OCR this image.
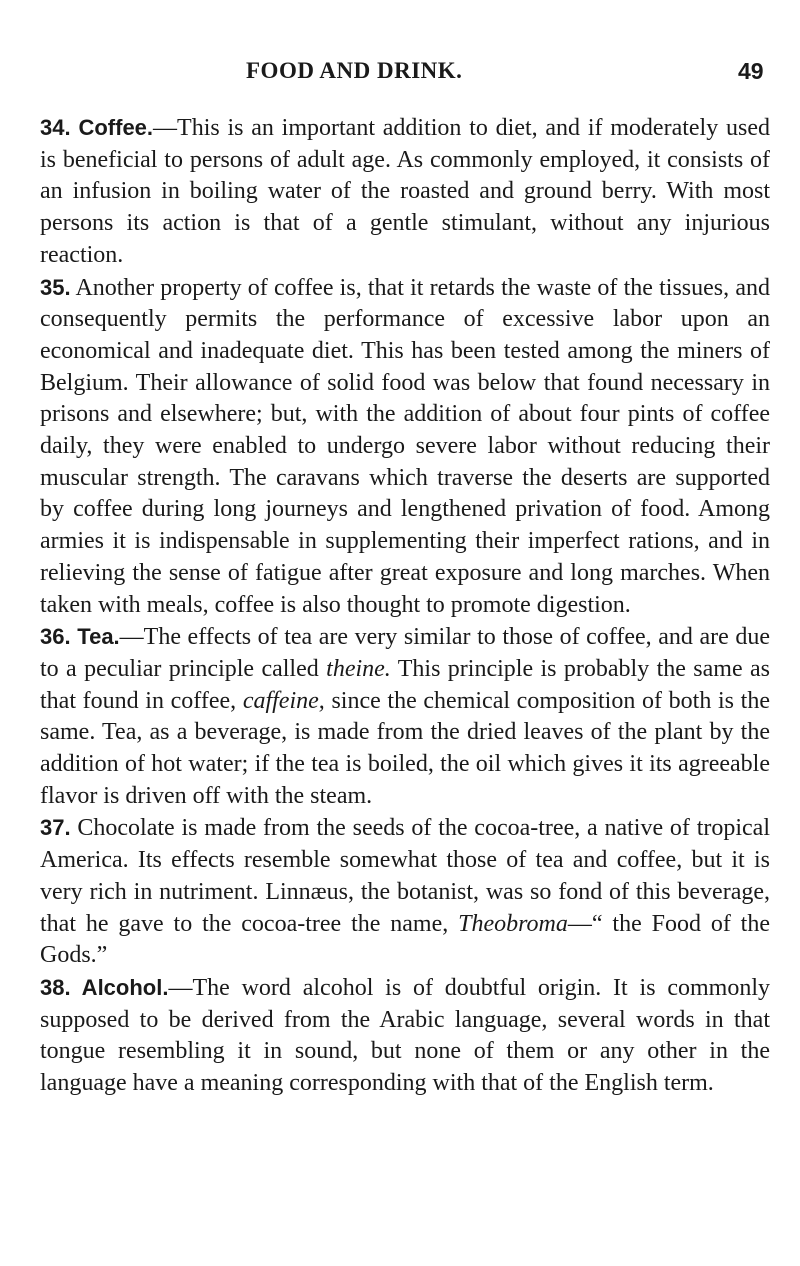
FOOD AND DRINK.	49

34. Coffee.—This is an important addition to diet, and if moderately used is beneficial to persons of adult age. As commonly employed, it consists of an infusion in boiling water of the roasted and ground berry. With most persons its action is that of a gentle stimulant, without any injurious reaction.

35. Another property of coffee is, that it retards the waste of the tissues, and consequently permits the performance of excessive labor upon an economical and inadequate diet. This has been tested among the miners of Belgium. Their allowance of solid food was below that found necessary in prisons and elsewhere; but, with the addition of about four pints of coffee daily, they were enabled to undergo severe labor without reducing their muscular strength. The caravans which traverse the deserts are supported by coffee during long journeys and lengthened privation of food. Among armies it is indispensable in supplementing their imperfect rations, and in relieving the sense of fatigue after great exposure and long marches. When taken with meals, coffee is also thought to promote digestion.

36. Tea.—The effects of tea are very similar to those of coffee, and are due to a peculiar principle called theine. This principle is probably the same as that found in coffee, caffeine, since the chemical composition of both is the same. Tea, as a beverage, is made from the dried leaves of the plant by the addition of hot water; if the tea is boiled, the oil which gives it its agreeable flavor is driven off with the steam.

37. Chocolate is made from the seeds of the cocoa-tree, a native of tropical America. Its effects resemble somewhat those of tea and coffee, but it is very rich in nutriment. Linnæus, the botanist, was so fond of this beverage, that he gave to the cocoa-tree the name, Theobroma—“ the Food of the Gods.”

38. Alcohol.—The word alcohol is of doubtful origin. It is commonly supposed to be derived from the Arabic language, several words in that tongue resembling it in sound, but none of them or any other in the language have a meaning corresponding with that of the English term.
